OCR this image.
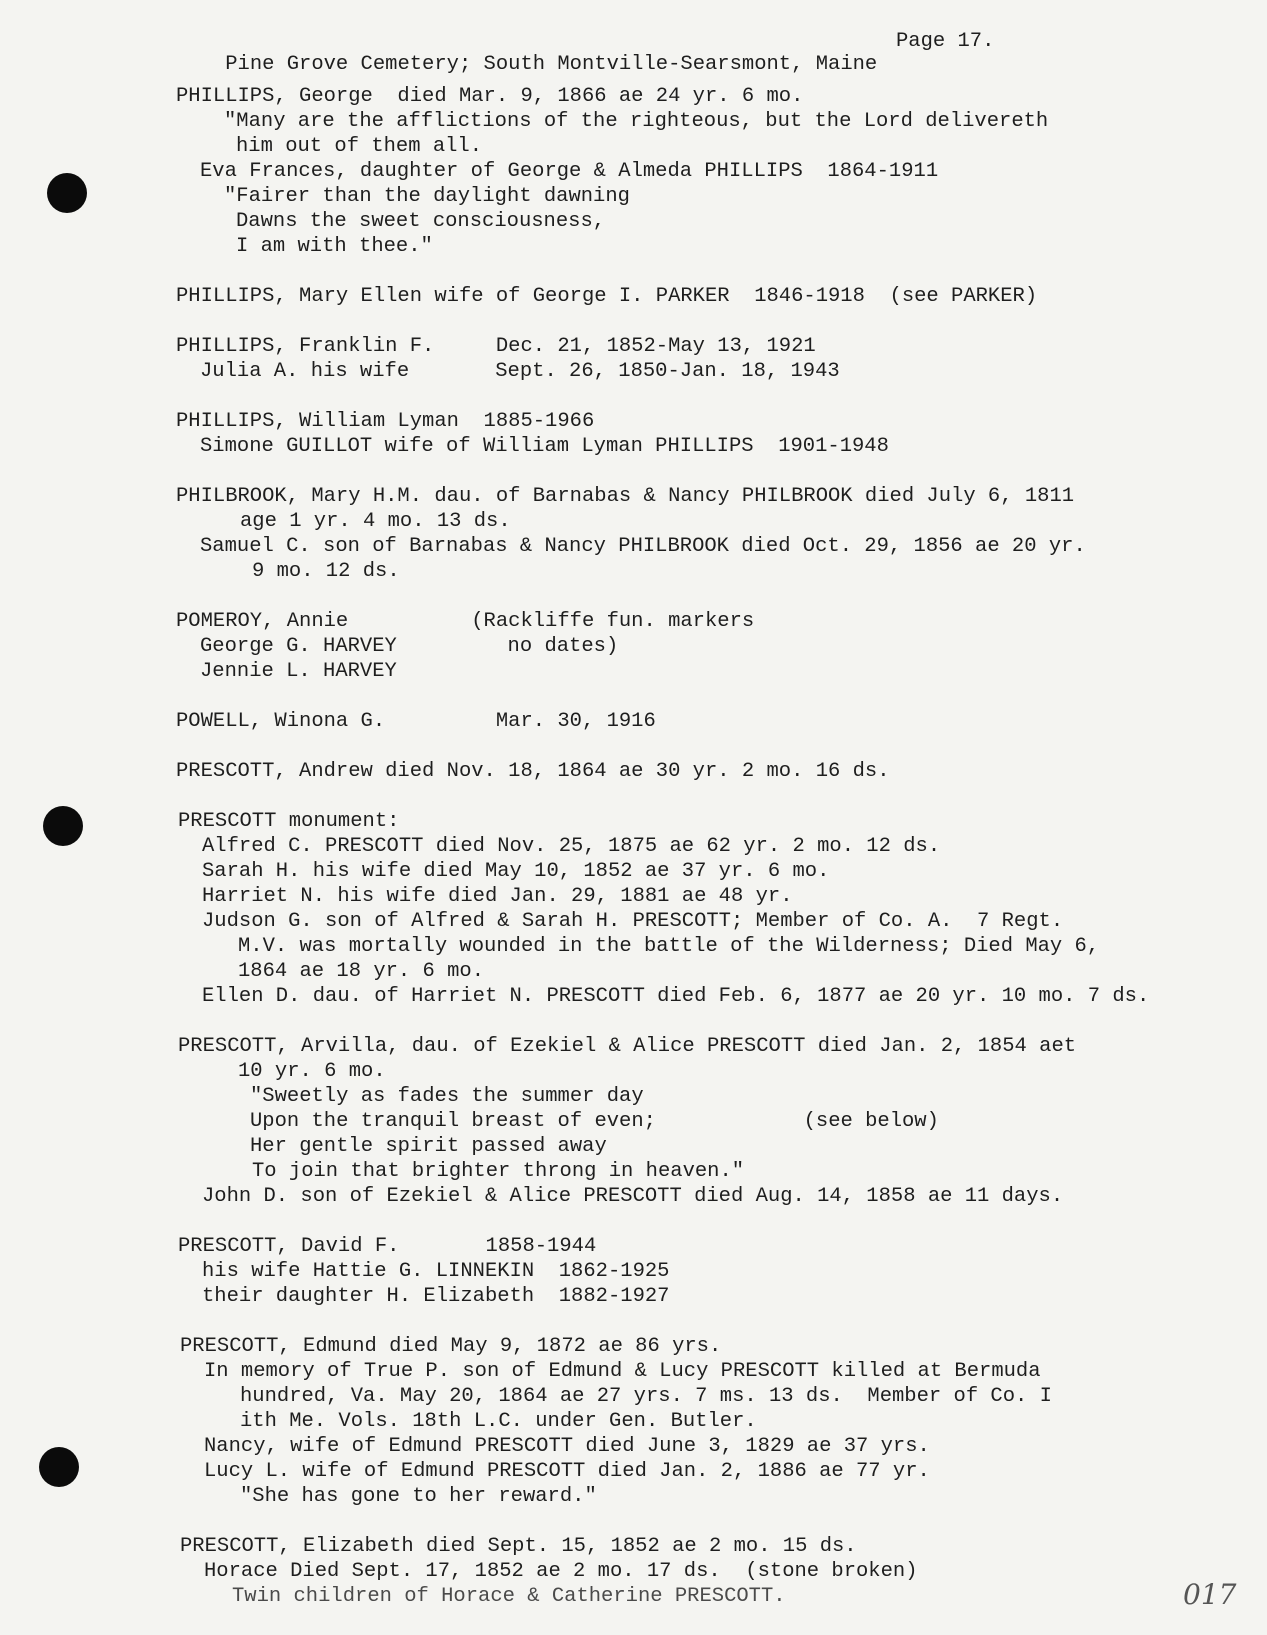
Pine Grove Cemetery; South Montville-Searsmont, Maine

Page 17.

PHILLIPS, George  died Mar. 9, 1866 ae 24 yr. 6 mo.
"Many are the afflictions of the righteous, but the Lord delivereth
him out of them all.
Eva Frances, daughter of George & Almeda PHILLIPS  1864-1911
"Fairer than the daylight dawning
Dawns the sweet consciousness,
I am with thee."
PHILLIPS, Mary Ellen wife of George I. PARKER  1846-1918  (see PARKER)
PHILLIPS, Franklin F.     Dec. 21, 1852-May 13, 1921
Julia A. his wife       Sept. 26, 1850-Jan. 18, 1943
PHILLIPS, William Lyman  1885-1966
Simone GUILLOT wife of William Lyman PHILLIPS  1901-1948
PHILBROOK, Mary H.M. dau. of Barnabas & Nancy PHILBROOK died July 6, 1811
age 1 yr. 4 mo. 13 ds.
Samuel C. son of Barnabas & Nancy PHILBROOK died Oct. 29, 1856 ae 20 yr.
9 mo. 12 ds.
POMEROY, Annie          (Rackliffe fun. markers
George G. HARVEY         no dates)
Jennie L. HARVEY
POWELL, Winona G.         Mar. 30, 1916
PRESCOTT, Andrew died Nov. 18, 1864 ae 30 yr. 2 mo. 16 ds.
PRESCOTT monument:
Alfred C. PRESCOTT died Nov. 25, 1875 ae 62 yr. 2 mo. 12 ds.
Sarah H. his wife died May 10, 1852 ae 37 yr. 6 mo.
Harriet N. his wife died Jan. 29, 1881 ae 48 yr.
Judson G. son of Alfred & Sarah H. PRESCOTT; Member of Co. A.  7 Regt.
M.V. was mortally wounded in the battle of the Wilderness; Died May 6,
1864 ae 18 yr. 6 mo.
Ellen D. dau. of Harriet N. PRESCOTT died Feb. 6, 1877 ae 20 yr. 10 mo. 7 ds.
PRESCOTT, Arvilla, dau. of Ezekiel & Alice PRESCOTT died Jan. 2, 1854 aet
10 yr. 6 mo.
"Sweetly as fades the summer day
Upon the tranquil breast of even;            (see below)
Her gentle spirit passed away
To join that brighter throng in heaven."
John D. son of Ezekiel & Alice PRESCOTT died Aug. 14, 1858 ae 11 days.
PRESCOTT, David F.       1858-1944
his wife Hattie G. LINNEKIN  1862-1925
their daughter H. Elizabeth  1882-1927
PRESCOTT, Edmund died May 9, 1872 ae 86 yrs.
In memory of True P. son of Edmund & Lucy PRESCOTT killed at Bermuda
hundred, Va. May 20, 1864 ae 27 yrs. 7 ms. 13 ds.  Member of Co. I
ith Me. Vols. 18th L.C. under Gen. Butler.
Nancy, wife of Edmund PRESCOTT died June 3, 1829 ae 37 yrs.
Lucy L. wife of Edmund PRESCOTT died Jan. 2, 1886 ae 77 yr.
"She has gone to her reward."
PRESCOTT, Elizabeth died Sept. 15, 1852 ae 2 mo. 15 ds.
Horace Died Sept. 17, 1852 ae 2 mo. 17 ds.  (stone broken)
Twin children of Horace & Catherine PRESCOTT.	017
